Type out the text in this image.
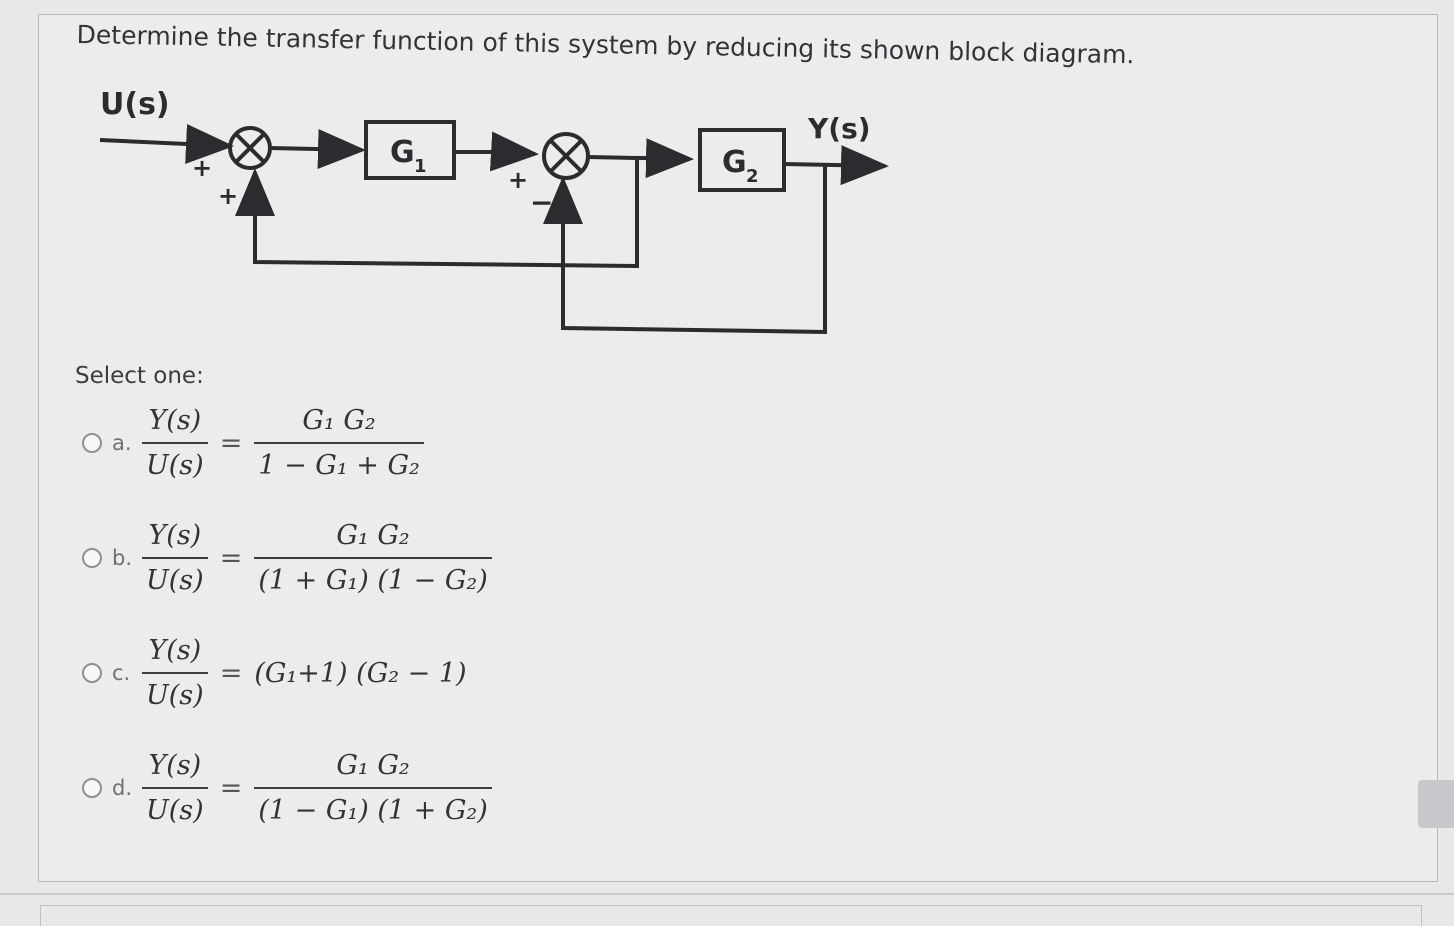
Determine the transfer function of this system by reducing its shown block diagram.
U(s)
Y(s)
G 1	G 2
+
+
+
−
Select one:
a. $\frac{Y(s)}{U(s)} = \frac{\text{G₁ G₂}}{\text{1 − G₁ + G₂}}$
b. $\frac{Y(s)}{U(s)} = \frac{\text{G₁ G₂}}{\text{(1 + G₁) (1 − G₂)}}$
c. $\frac{Y(s)}{U(s)} = (G_1+1) (G_2 - 1)$
d. $\frac{Y(s)}{U(s)} = \frac{\text{G₁ G₂}}{\text{(1 − G₁) (1 + G₂)}}$
